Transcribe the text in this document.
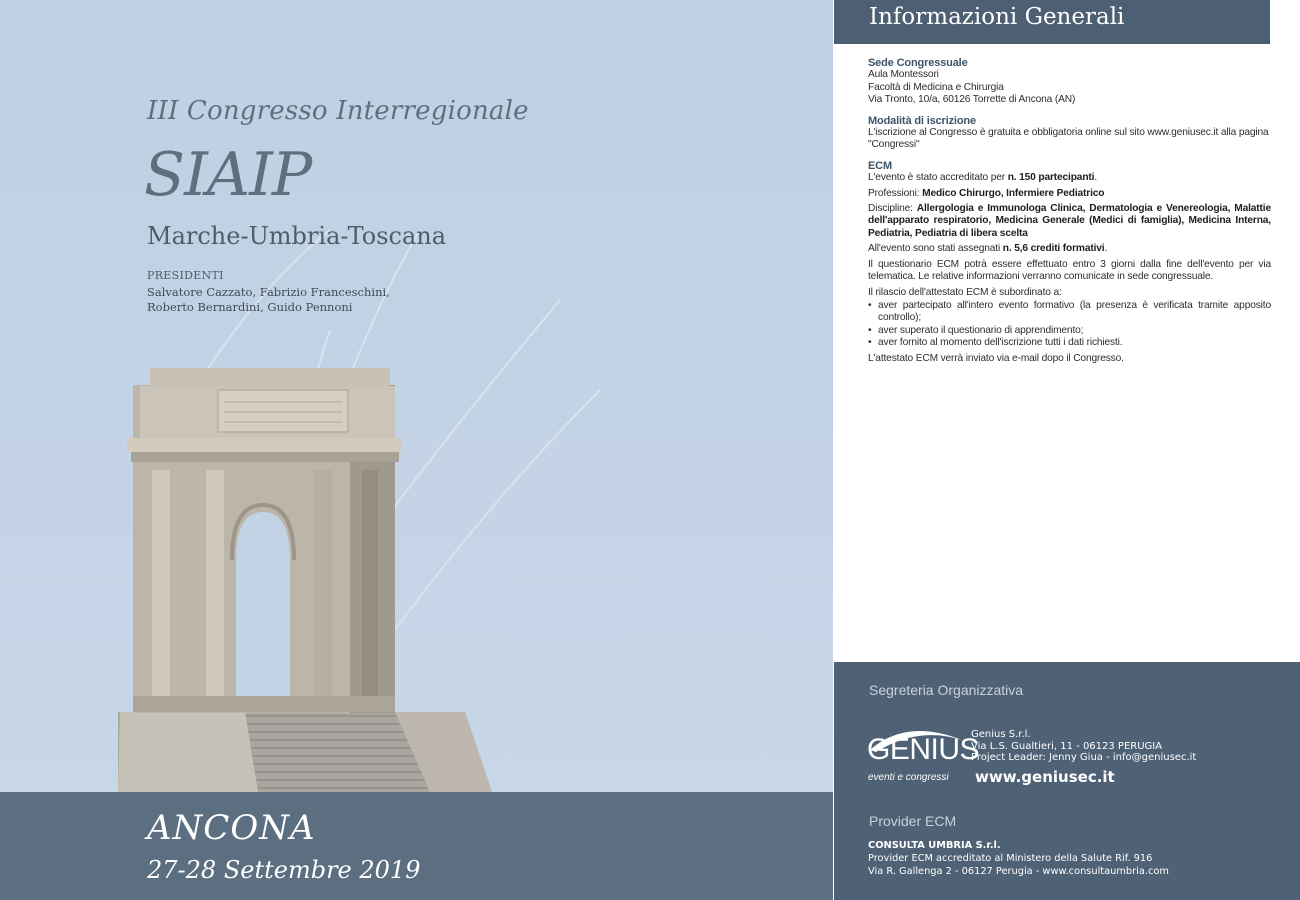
III Congresso Interregionale
SIAIP
Marche-Umbria-Toscana
PRESIDENTI
Salvatore Cazzato, Fabrizio Franceschini,
Roberto Bernardini, Guido Pennoni
ANCONA
27-28 Settembre 2019
Informazioni Generali
Sede Congressuale
Aula Montessori
Facoltà di Medicina e Chirurgia
Via Tronto, 10/a, 60126 Torrette di Ancona (AN)
Modalità di iscrizione
L'iscrizione al Congresso è gratuita e obbligatoria online sul sito www.geniusec.it alla pagina "Congressi"
ECM
L'evento è stato accreditato per n. 150 partecipanti.
Professioni: Medico Chirurgo, Infermiere Pediatrico
Discipline: Allergologia e Immunologa Clinica, Dermatologia e Venereologia, Malattie dell'apparato respiratorio, Medicina Generale (Medici di famiglia), Medicina Interna, Pediatria, Pediatria di libera scelta
All'evento sono stati assegnati n. 5,6 crediti formativi.
Il questionario ECM potrà essere effettuato entro 3 giorni dalla fine dell'evento per via telematica. Le relative informazioni verranno comunicate in sede congressuale.
Il rilascio dell'attestato ECM è subordinato a:
• aver partecipato all'intero evento formativo (la presenza è verificata tramite apposito controllo);
• aver superato il questionario di apprendimento;
• aver fornito al momento dell'iscrizione tutti i dati richiesti.
L'attestato ECM verrà inviato via e-mail dopo il Congresso.
Segreteria Organizzativa
GENIUS
eventi e congressi
Genius S.r.l.
Via L.S. Gualtieri, 11 - 06123 PERUGIA
Project Leader: Jenny Giua - info@geniusec.it
www.geniusec.it
Provider ECM
CONSULTA UMBRIA S.r.l.
Provider ECM accreditato al Ministero della Salute Rif. 916
Via R. Gallenga 2 - 06127 Perugia - www.consultaumbria.com
